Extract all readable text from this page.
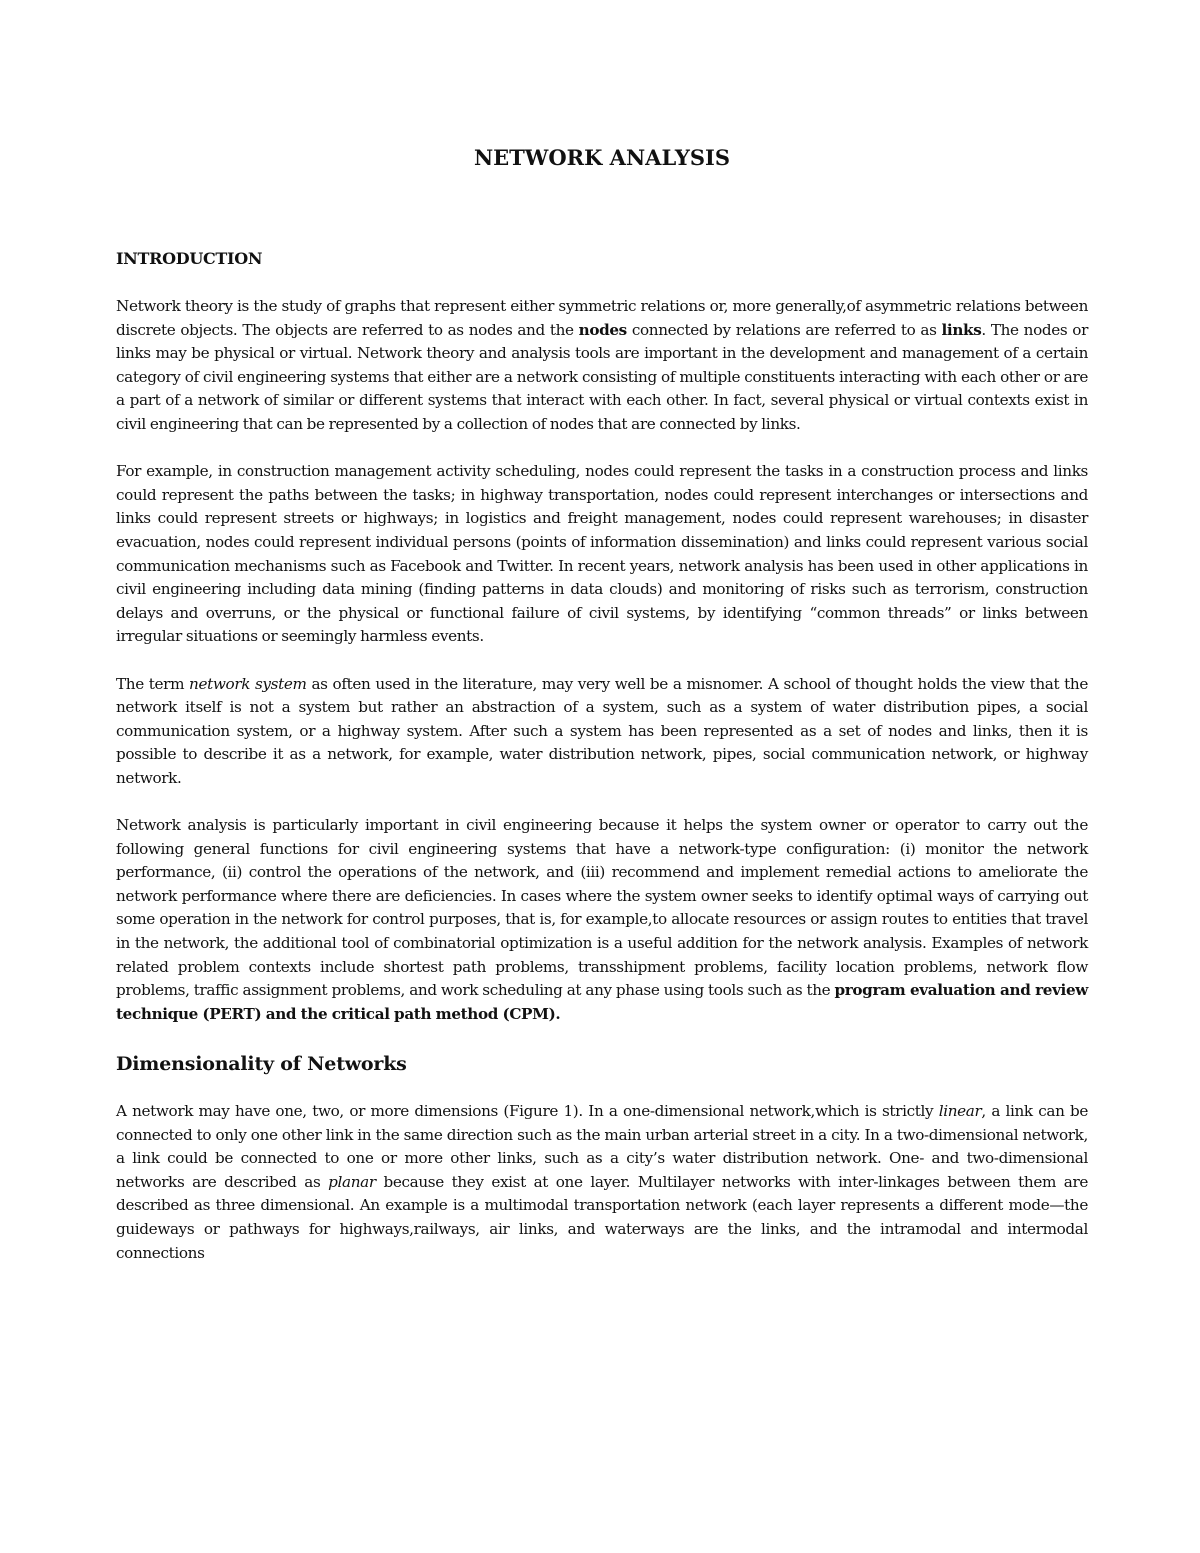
NETWORK ANALYSIS
INTRODUCTION

Network theory is the study of graphs that represent either symmetric relations or, more generally,of asymmetric relations between discrete objects. The objects are referred to as nodes and the nodes connected by relations are referred to as links. The nodes or links may be physical or virtual. Network theory and analysis tools are important in the development and management of a certain category of civil engineering systems that either are a network consisting of multiple constituents interacting with each other or are a part of a network of similar or different systems that interact with each other. In fact, several physical or virtual contexts exist in civil engineering that can be represented by a collection of nodes that are connected by links.

For example, in construction management activity scheduling, nodes could represent the tasks in a construction process and links could represent the paths between the tasks; in highway transportation, nodes could represent interchanges or intersections and links could represent streets or highways; in logistics and freight management, nodes could represent warehouses; in disaster evacuation, nodes could represent individual persons (points of information dissemination) and links could represent various social communication mechanisms such as Facebook and Twitter. In recent years, network analysis has been used in other applications in civil engineering including data mining (finding patterns in data clouds) and monitoring of risks such as terrorism, construction delays and overruns, or the physical or functional failure of civil systems, by identifying “common threads” or links between irregular situations or seemingly harmless events.

The term network system as often used in the literature, may very well be a misnomer. A school of thought holds the view that the network itself is not a system but rather an abstraction of a system, such as a system of water distribution pipes, a social communication system, or a highway system. After such a system has been represented as a set of nodes and links, then it is possible to describe it as a network, for example, water distribution network, pipes, social communication network, or highway network.

Network analysis is particularly important in civil engineering because it helps the system owner or operator to carry out the following general functions for civil engineering systems that have a network-type configuration: (i) monitor the network performance, (ii) control the operations of the network, and (iii) recommend and implement remedial actions to ameliorate the network performance where there are deficiencies. In cases where the system owner seeks to identify optimal ways of carrying out some operation in the network for control purposes, that is, for example,to allocate resources or assign routes to entities that travel in the network, the additional tool of combinatorial optimization is a useful addition for the network analysis. Examples of network related problem contexts include shortest path problems, transshipment problems, facility location problems, network flow problems, traffic assignment problems, and work scheduling at any phase using tools such as the program evaluation and review technique (PERT) and the critical path method (CPM).

Dimensionality of Networks

A network may have one, two, or more dimensions (Figure 1). In a one-dimensional network,which is strictly linear, a link can be connected to only one other link in the same direction such as the main urban arterial street in a city. In a two-dimensional network, a link could be connected to one or more other links, such as a city’s water distribution network. One- and two-dimensional networks are described as planar because they exist at one layer. Multilayer networks with inter-linkages between them are described as three dimensional. An example is a multimodal transportation network (each layer represents a different mode—the guideways or pathways for highways,railways, air links, and waterways are the links, and the intramodal and intermodal connections
